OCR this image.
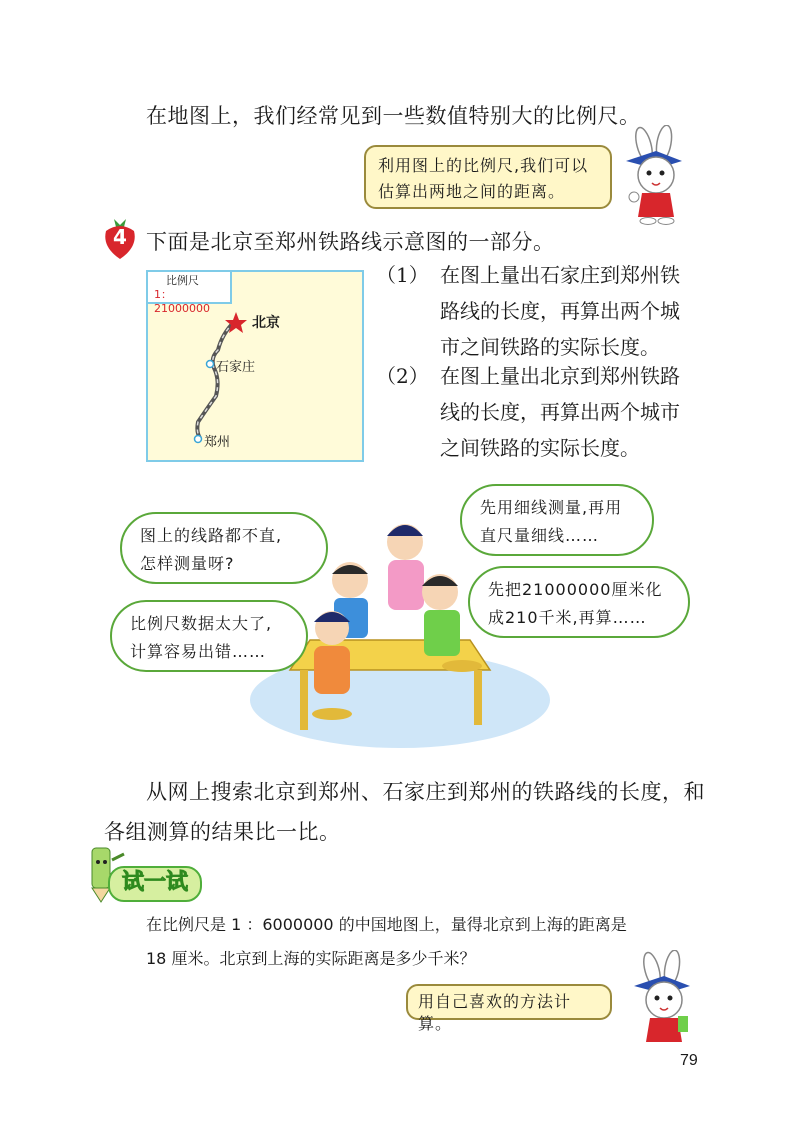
在地图上，我们经常见到一些数值特别大的比例尺。
利用图上的比例尺,我们可以
估算出两地之间的距离。
4 下面是北京至郑州铁路线示意图的一部分。
比例尺
1：21000000
北京
石家庄
郑州
（1） 在图上量出石家庄到郑州铁
路线的长度，再算出两个城
市之间铁路的实际长度。
（2） 在图上量出北京到郑州铁路
线的长度，再算出两个城市
之间铁路的实际长度。
图上的线路都不直,
怎样测量呀?
比例尺数据太大了,
计算容易出错……
先用细线测量,再用
直尺量细线……
先把21000000厘米化
成210千米,再算……
从网上搜索北京到郑州、石家庄到郑州的铁路线的长度，和
各组测算的结果比一比。
试一试
在比例尺是 1 ：6000000 的中国地图上，量得北京到上海的距离是
18 厘米。北京到上海的实际距离是多少千米？
用自己喜欢的方法计算。
79
